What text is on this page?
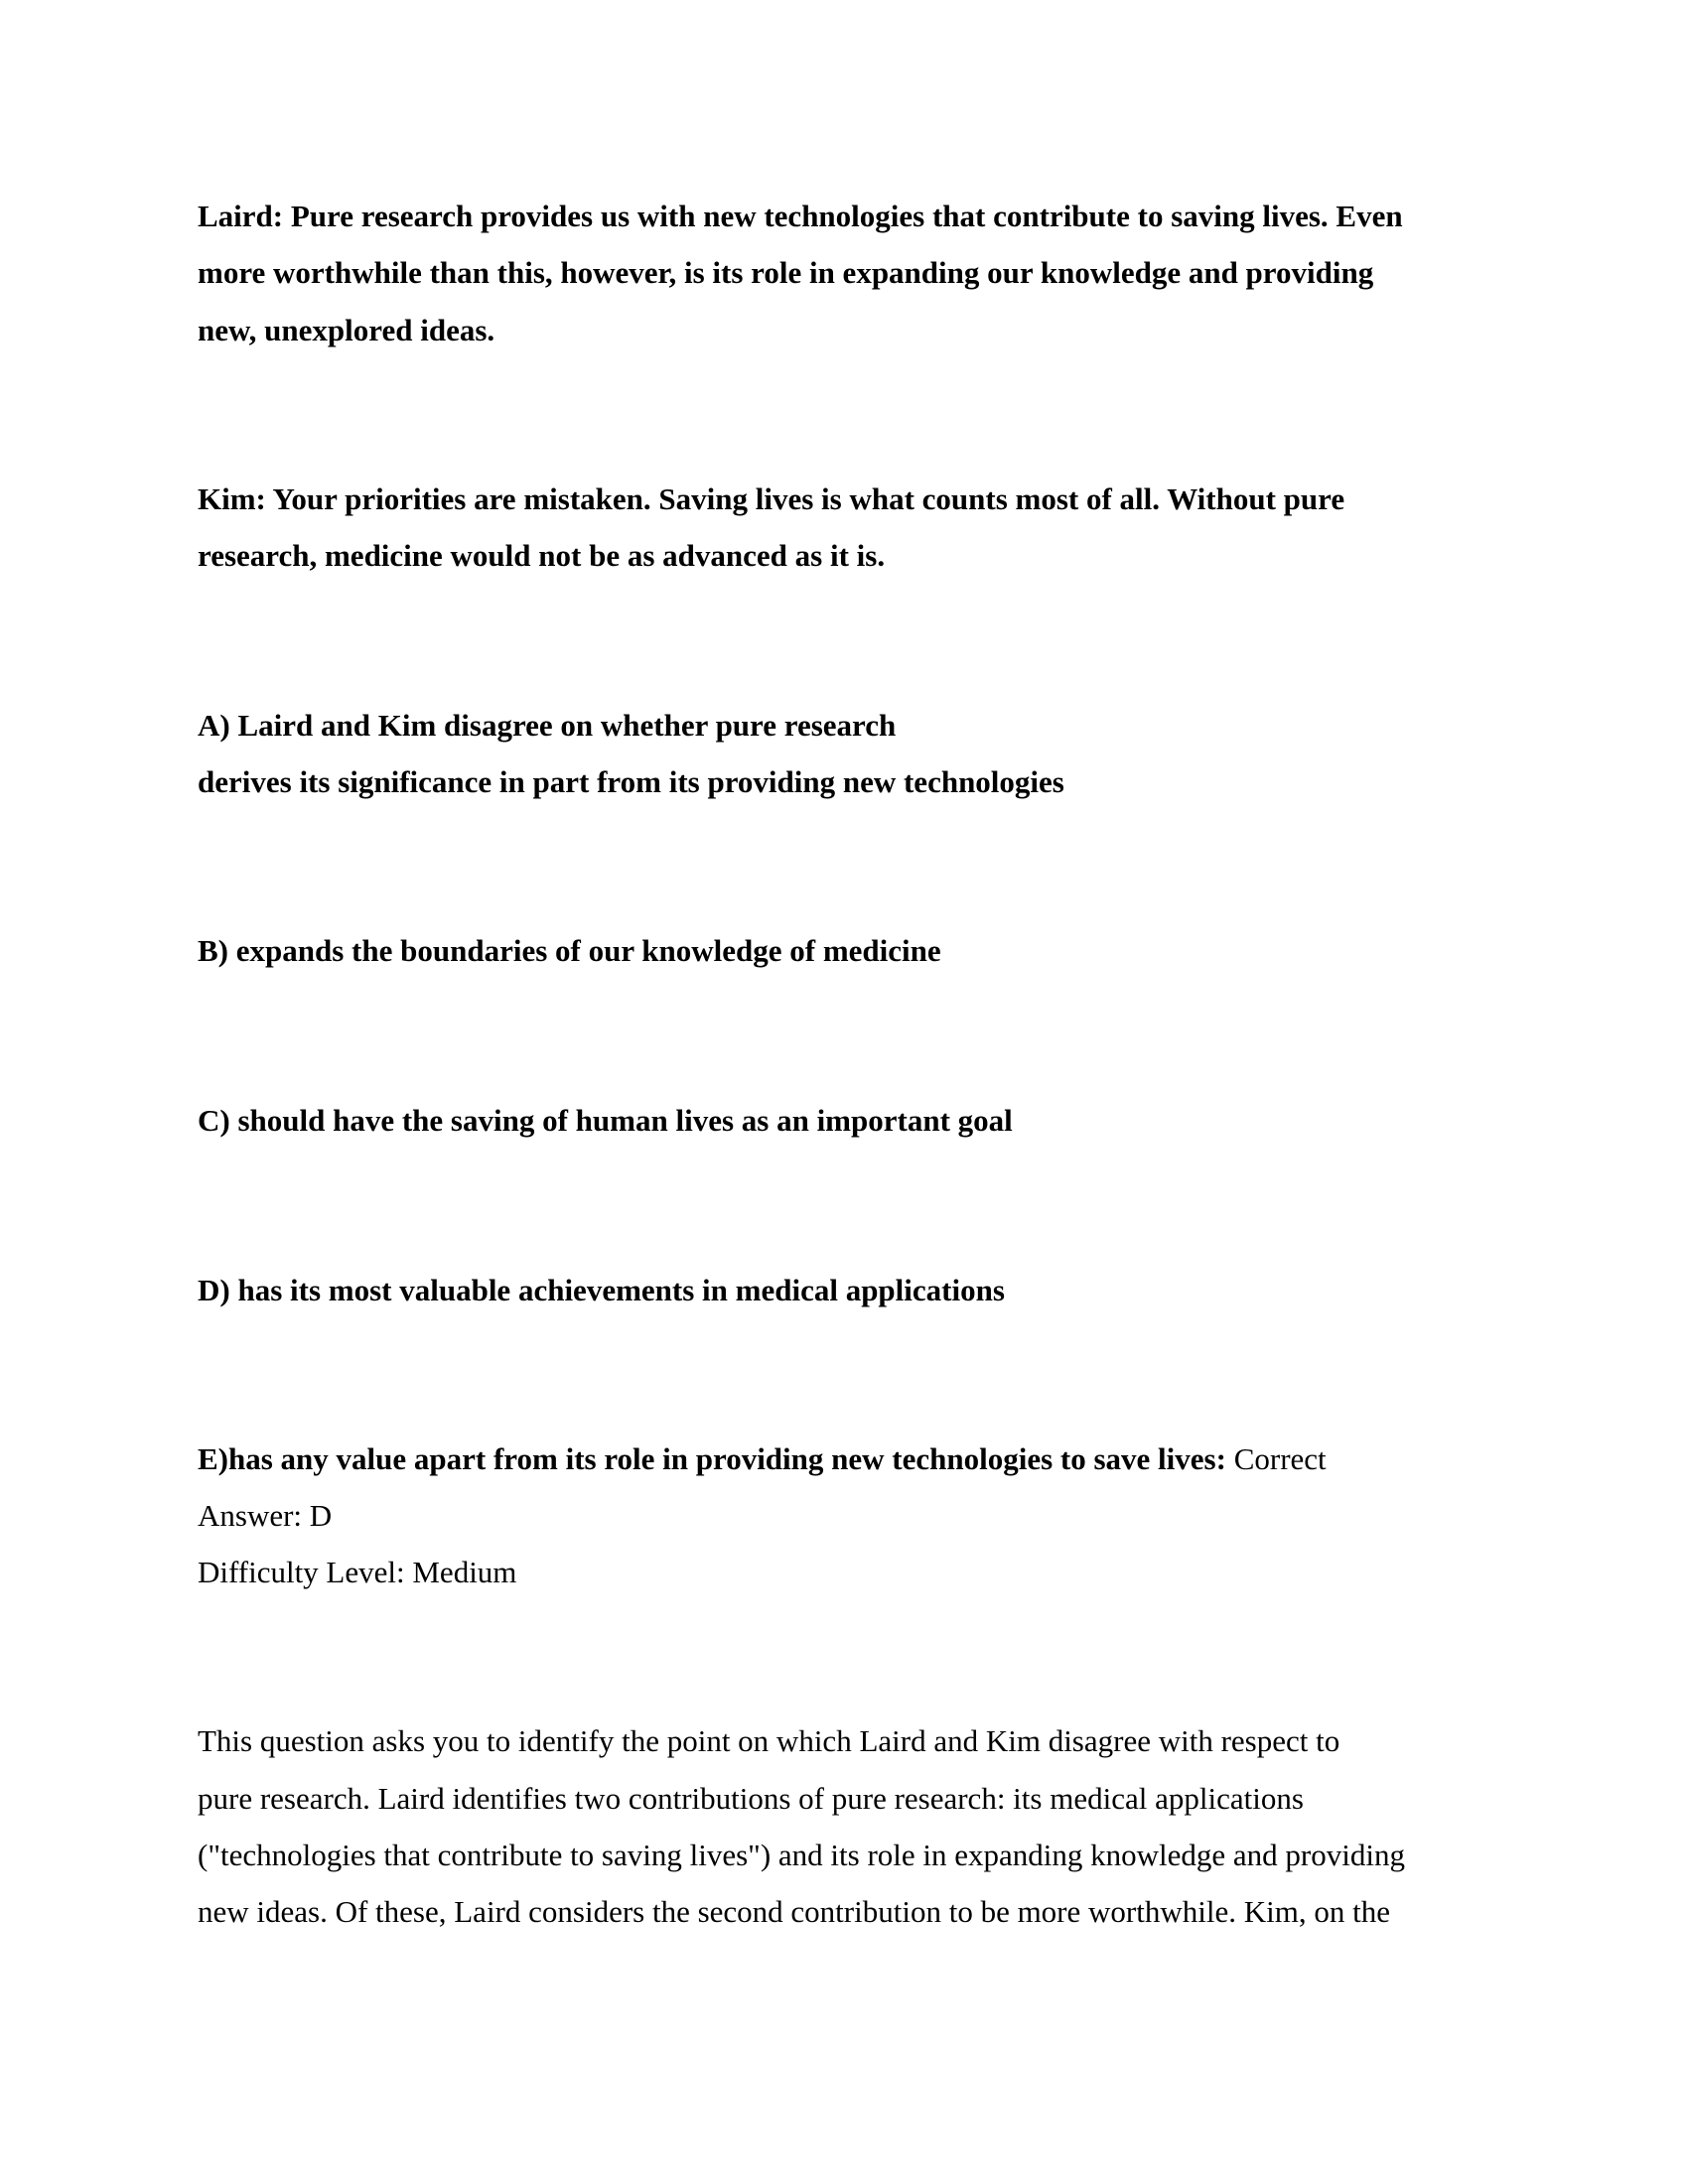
Laird: Pure research provides us with new technologies that contribute to saving lives. Even
more worthwhile than this, however, is its role in expanding our knowledge and providing
new, unexplored ideas.
Kim: Your priorities are mistaken. Saving lives is what counts most of all. Without pure
research, medicine would not be as advanced as it is.
A) Laird and Kim disagree on whether pure research
derives its significance in part from its providing new technologies
B) expands the boundaries of our knowledge of medicine
C) should have the saving of human lives as an important goal
D) has its most valuable achievements in medical applications
E)has any value apart from its role in providing new technologies to save lives: Correct
Answer: D
Difficulty Level: Medium
This question asks you to identify the point on which Laird and Kim disagree with respect to
pure research. Laird identifies two contributions of pure research: its medical applications
("technologies that contribute to saving lives") and its role in expanding knowledge and providing
new ideas. Of these, Laird considers the second contribution to be more worthwhile. Kim, on the
